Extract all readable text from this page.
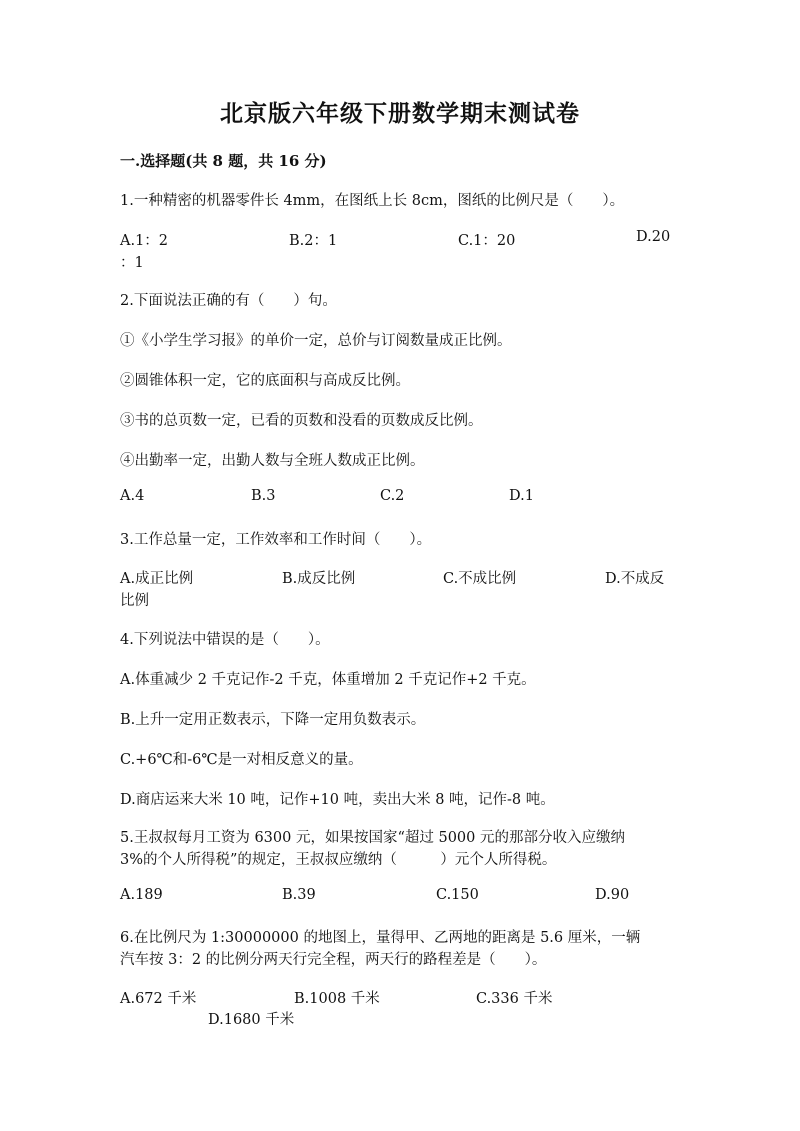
北京版六年级下册数学期末测试卷
一.选择题(共 8 题，共 16 分)
1.一种精密的机器零件长 4mm，在图纸上长 8cm，图纸的比例尺是（　　）。
A.1：2	B.2：1	C.1：20	D.20
：1
2.下面说法正确的有（　　）句。
①《小学生学习报》的单价一定，总价与订阅数量成正比例。
②圆锥体积一定，它的底面积与高成反比例。
③书的总页数一定，已看的页数和没看的页数成反比例。
④出勤率一定，出勤人数与全班人数成正比例。
A.4	B.3	C.2	D.1
3.工作总量一定，工作效率和工作时间（　　）。
A.成正比例	B.成反比例	C.不成比例	D.不成反
比例
4.下列说法中错误的是（　　）。
A.体重减少 2 千克记作-2 千克，体重增加 2 千克记作+2 千克。
B.上升一定用正数表示，下降一定用负数表示。
C.+6℃和-6℃是一对相反意义的量。
D.商店运来大米 10 吨，记作+10 吨，卖出大米 8 吨，记作-8 吨。
5.王叔叔每月工资为 6300 元，如果按国家“超过 5000 元的那部分收入应缴纳
3%的个人所得税”的规定，王叔叔应缴纳（　　　）元个人所得税。
A.189	B.39	C.150	D.90
6.在比例尺为 1:30000000 的地图上，量得甲、乙两地的距离是 5.6 厘米，一辆
汽车按 3：2 的比例分两天行完全程，两天行的路程差是（　　）。
A.672 千米	B.1008 千米	C.336 千米
D.1680 千米
